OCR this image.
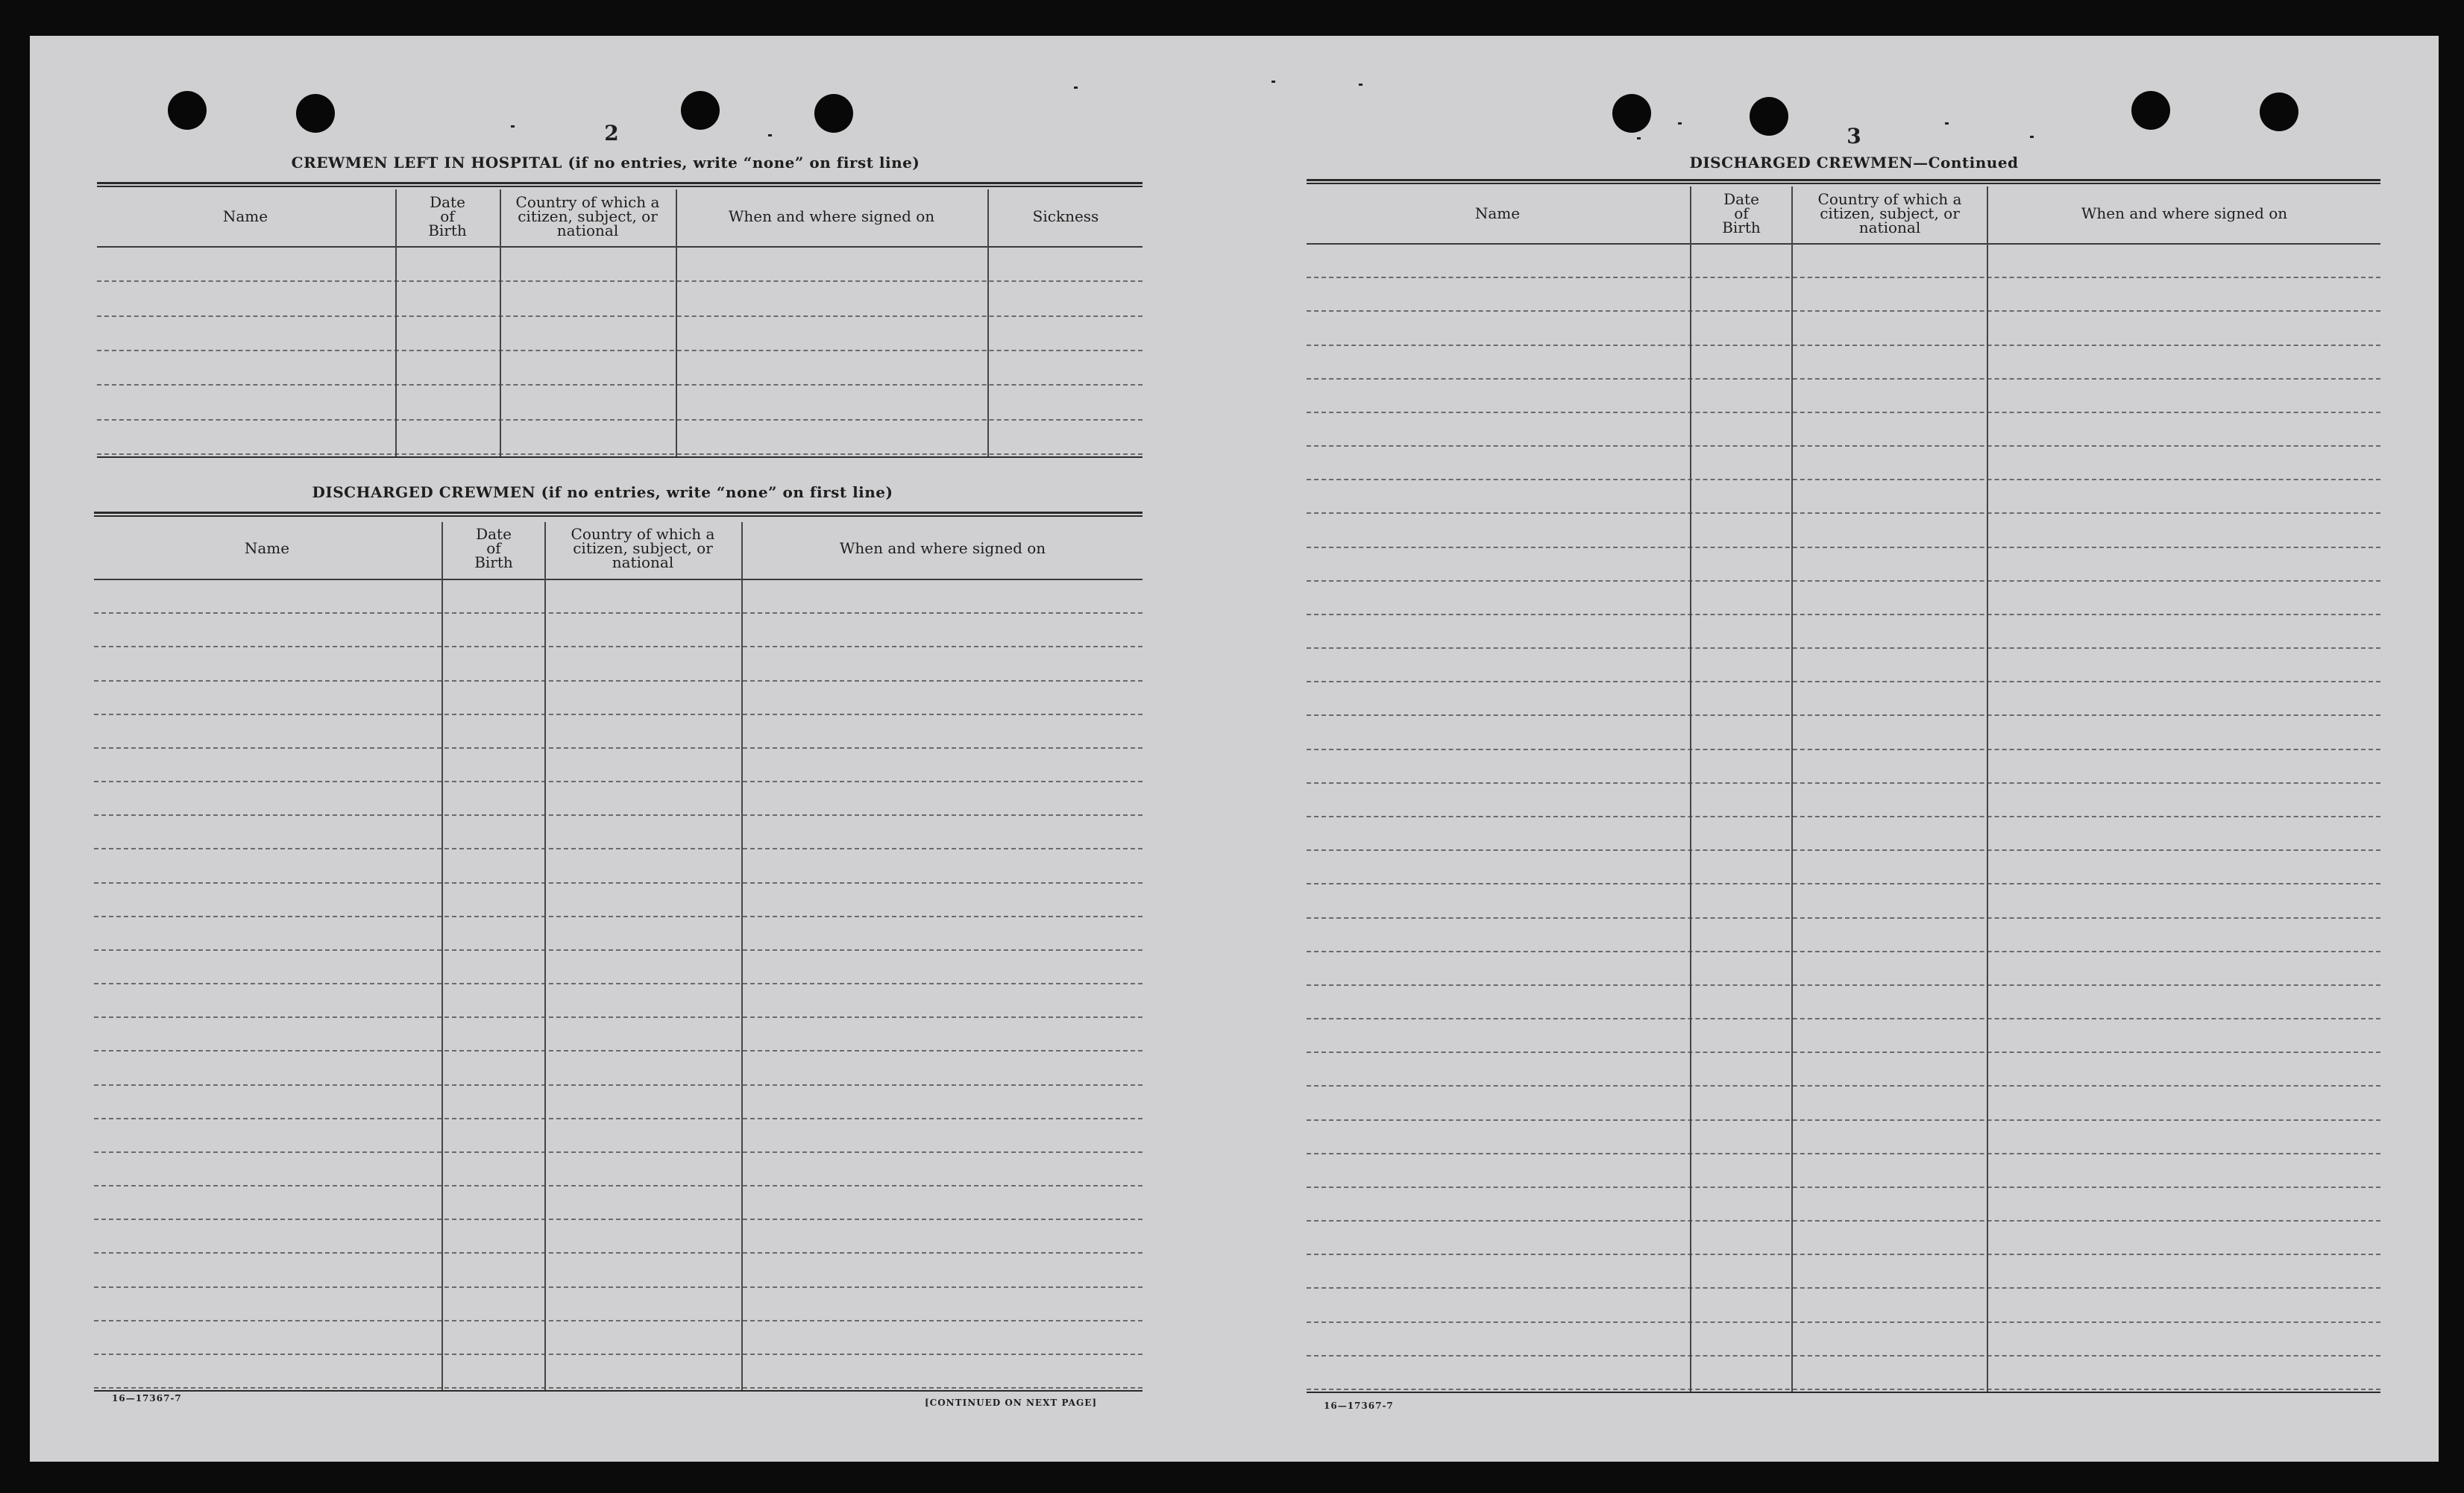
2
CREWMEN LEFT IN HOSPITAL (if no entries, write “none” on first line)
Name
Date of Birth
Country of which a citizen, subject, or national
When and where signed on	Sickness
DISCHARGED CREWMEN (if no entries, write “none” on first line)
Name
Date of Birth
Country of which a citizen, subject, or national
When and where signed on
16—17367-7	[CONTINUED ON NEXT PAGE]
3
DISCHARGED CREWMEN—Continued
Name
Date of Birth
Country of which a citizen, subject, or national
When and where signed on
16—17367-7
